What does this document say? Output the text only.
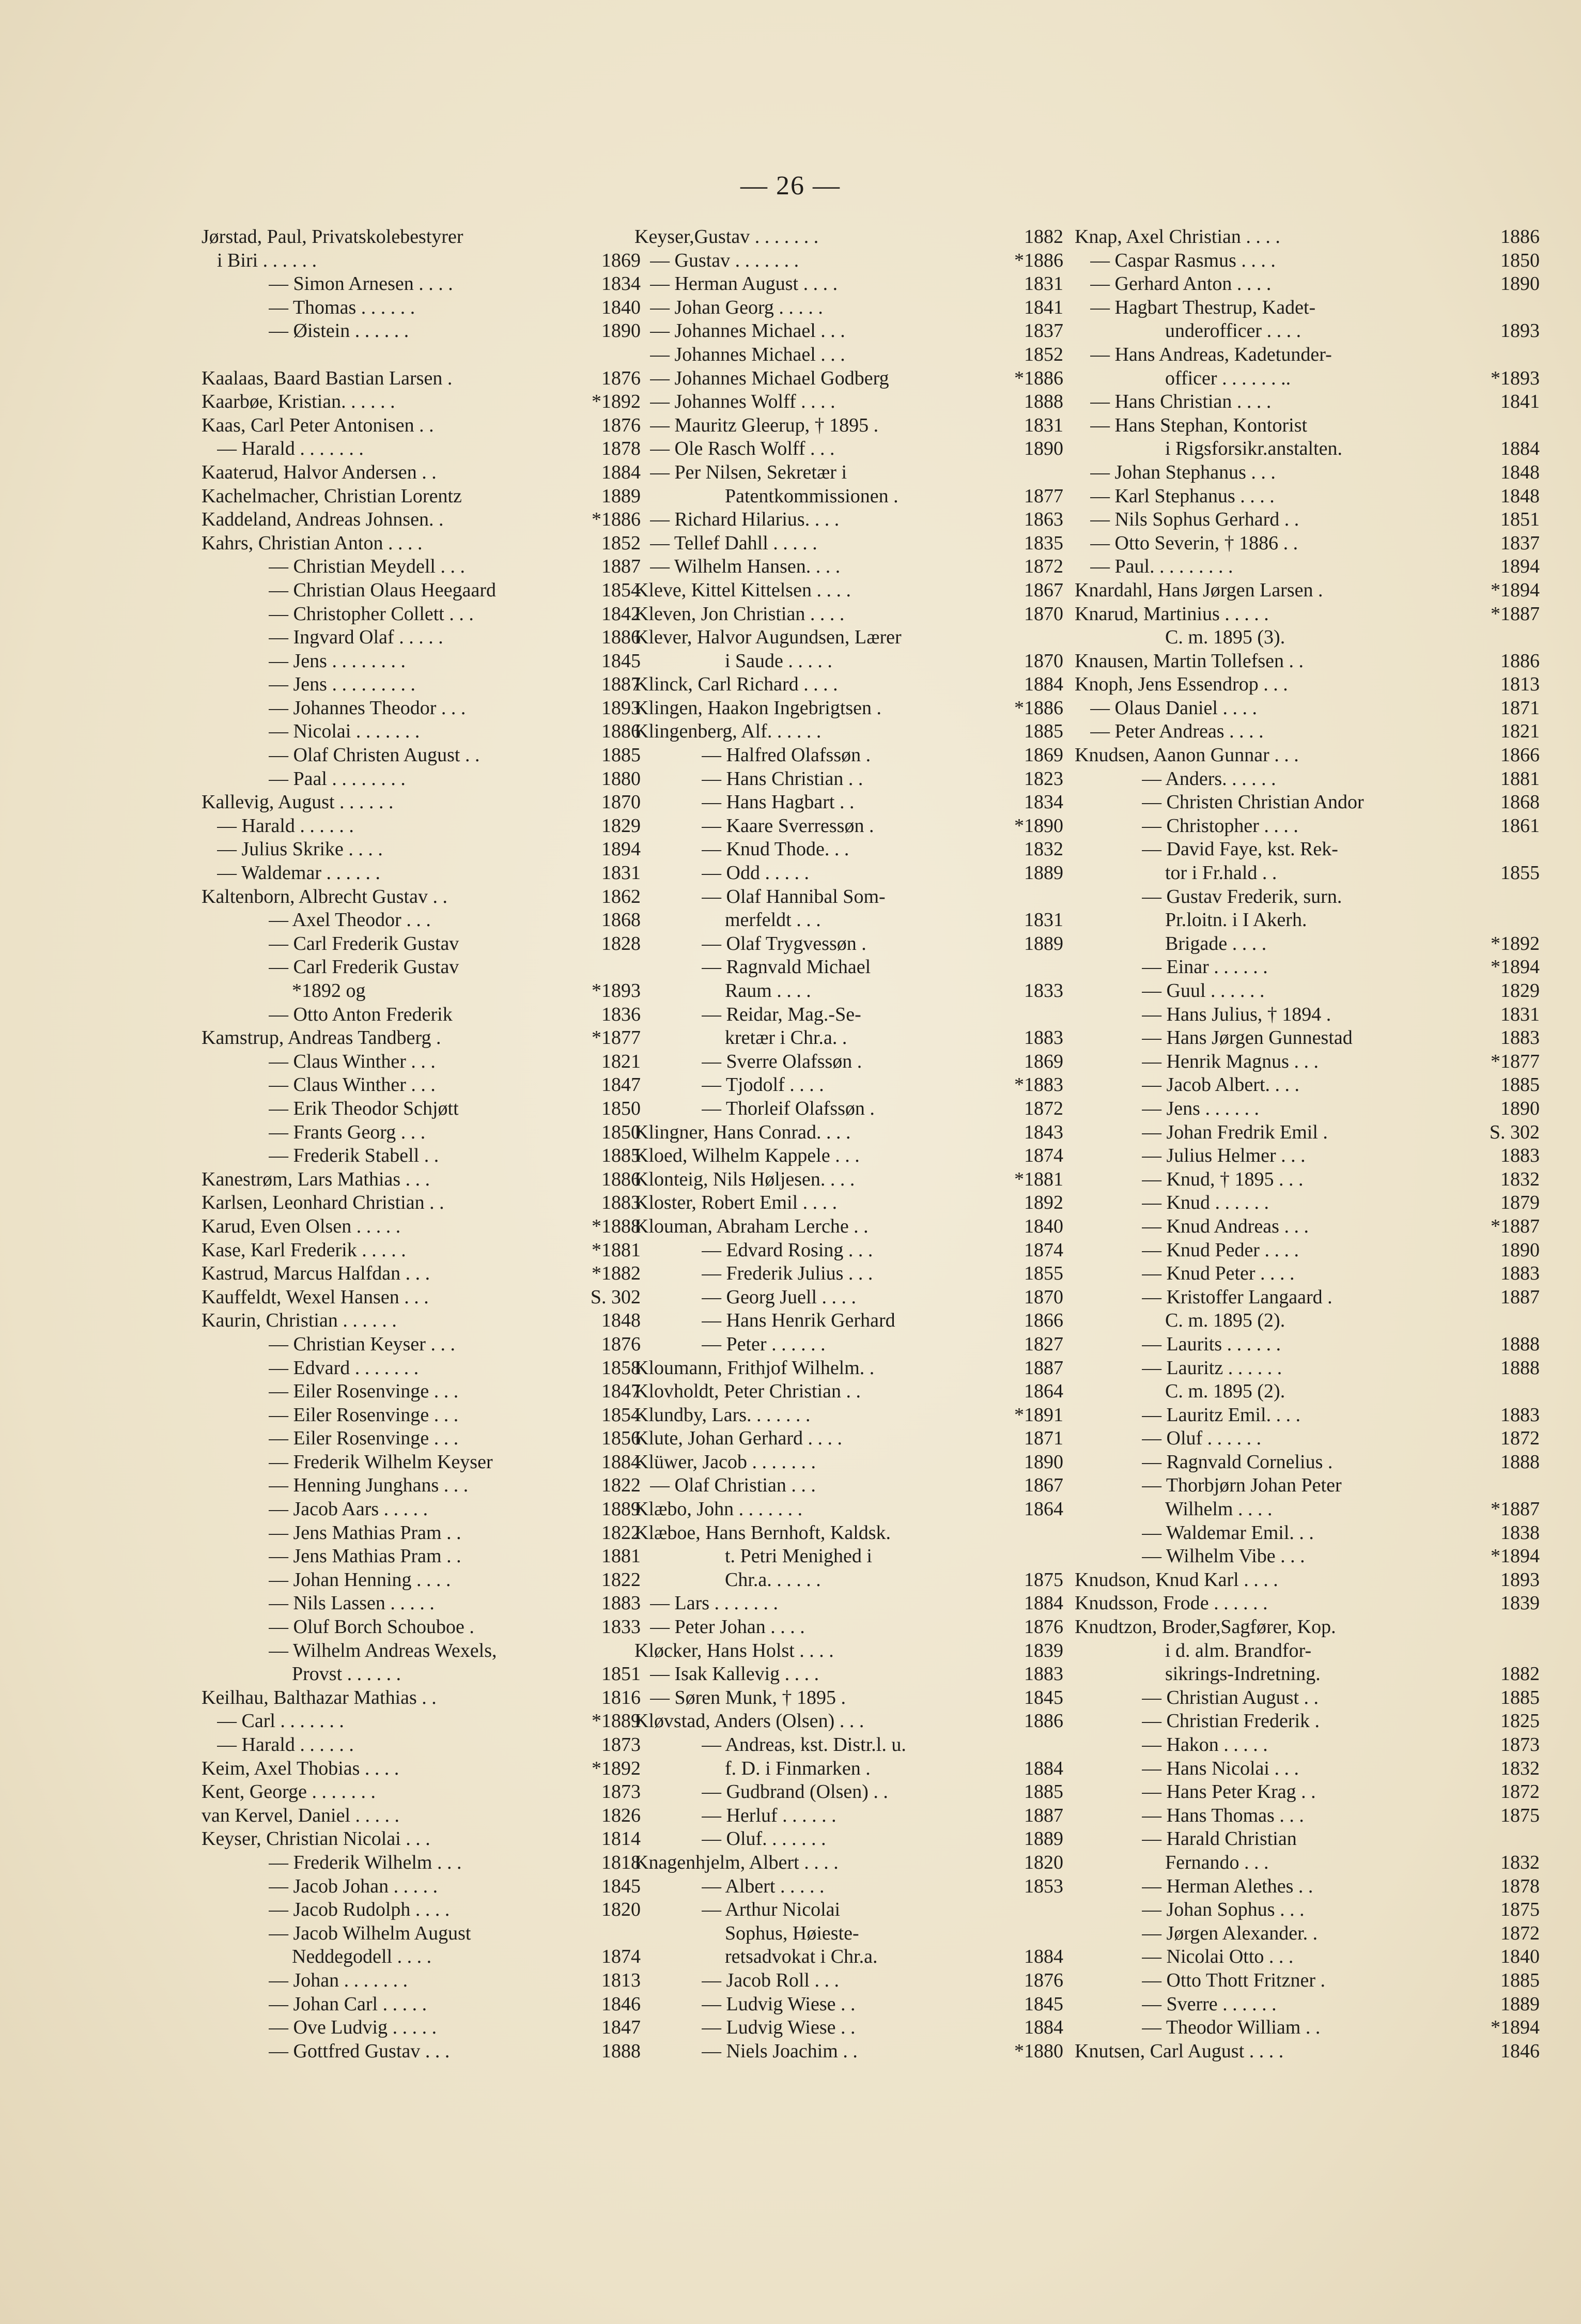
— 26 —
Jørstad, Paul, Privatskolebestyrer
i Biri . . . . . .	1869
— Simon Arnesen . . . .	1834
— Thomas . . . . . .	1840
— Øistein . . . . . .	1890
Kaalaas, Baard Bastian Larsen .	1876
Kaarbøe, Kristian. . . . . .	*1892
Kaas, Carl Peter Antonisen . .	1876
— Harald . . . . . . .	1878
Kaaterud, Halvor Andersen . .	1884
Kachelmacher, Christian Lorentz	1889
Kaddeland, Andreas Johnsen. .	*1886
Kahrs, Christian Anton . . . .	1852
— Christian Meydell . . .	1887
— Christian Olaus Heegaard	1854
— Christopher Collett . . .	1842
— Ingvard Olaf . . . . .	1886
— Jens . . . . . . . .	1845
— Jens . . . . . . . . .	1887
— Johannes Theodor . . .	1893
— Nicolai . . . . . . .	1886
— Olaf Christen August . .	1885
— Paal . . . . . . . .	1880
Kallevig, August . . . . . .	1870
— Harald . . . . . .	1829
— Julius Skrike . . . .	1894
— Waldemar . . . . . .	1831
Kaltenborn, Albrecht Gustav . .	1862
— Axel Theodor . . .	1868
— Carl Frederik Gustav	1828
— Carl Frederik Gustav
*1892 og	*1893
— Otto Anton Frederik	1836
Kamstrup, Andreas Tandberg .	*1877
— Claus Winther . . .	1821
— Claus Winther . . .	1847
— Erik Theodor Schjøtt	1850
— Frants Georg . . .	1850
— Frederik Stabell . .	1885
Kanestrøm, Lars Mathias . . .	1886
Karlsen, Leonhard Christian . .	1883
Karud, Even Olsen . . . . .	*1888
Kase, Karl Frederik . . . . .	*1881
Kastrud, Marcus Halfdan . . .	*1882
Kauffeldt, Wexel Hansen . . .	S. 302
Kaurin, Christian . . . . . .	1848
— Christian Keyser . . .	1876
— Edvard . . . . . . .	1858
— Eiler Rosenvinge . . .	1847
— Eiler Rosenvinge . . .	1854
— Eiler Rosenvinge . . .	1856
— Frederik Wilhelm Keyser	1884
— Henning Junghans . . .	1822
— Jacob Aars . . . . .	1889
— Jens Mathias Pram . .	1822
— Jens Mathias Pram . .	1881
— Johan Henning . . . .	1822
— Nils Lassen . . . . .	1883
— Oluf Borch Schouboe .	1833
— Wilhelm Andreas Wexels,
Provst . . . . . .	1851
Keilhau, Balthazar Mathias . .	1816
— Carl . . . . . . .	*1889
— Harald . . . . . .	1873
Keim, Axel Thobias . . . .	*1892
Kent, George . . . . . . .	1873
van Kervel, Daniel . . . . .	1826
Keyser, Christian Nicolai . . .	1814
— Frederik Wilhelm . . .	1818
— Jacob Johan . . . . .	1845
— Jacob Rudolph . . . .	1820
— Jacob Wilhelm August
Neddegodell . . . .	1874
— Johan . . . . . . .	1813
— Johan Carl . . . . .	1846
— Ove Ludvig . . . . .	1847
— Gottfred Gustav . . .	1888
Keyser,Gustav . . . . . . .	1882
— Gustav . . . . . . .	*1886
— Herman August . . . .	1831
— Johan Georg . . . . .	1841
— Johannes Michael . . .	1837
— Johannes Michael . . .	1852
— Johannes Michael Godberg	*1886
— Johannes Wolff . . . .	1888
— Mauritz Gleerup, † 1895 .	1831
— Ole Rasch Wolff . . .	1890
— Per Nilsen, Sekretær i
Patentkommissionen .	1877
— Richard Hilarius. . . .	1863
— Tellef Dahll . . . . .	1835
— Wilhelm Hansen. . . .	1872
Kleve, Kittel Kittelsen . . . .	1867
Kleven, Jon Christian . . . .	1870
Klever, Halvor Augundsen, Lærer
i Saude . . . . .	1870
Klinck, Carl Richard . . . .	1884
Klingen, Haakon Ingebrigtsen .	*1886
Klingenberg, Alf. . . . . .	1885
— Halfred Olafssøn .	1869
— Hans Christian . .	1823
— Hans Hagbart . .	1834
— Kaare Sverressøn .	*1890
— Knud Thode. . .	1832
— Odd . . . . .	1889
— Olaf Hannibal Som-
merfeldt . . .	1831
— Olaf Trygvessøn .	1889
— Ragnvald Michael
Raum . . . .	1833
— Reidar, Mag.-Se-
kretær i Chr.a. .	1883
— Sverre Olafssøn .	1869
— Tjodolf . . . .	*1883
— Thorleif Olafssøn .	1872
Klingner, Hans Conrad. . . .	1843
Kloed, Wilhelm Kappele . . .	1874
Klonteig, Nils Høljesen. . . .	*1881
Kloster, Robert Emil . . . .	1892
Klouman, Abraham Lerche . .	1840
— Edvard Rosing . . .	1874
— Frederik Julius . . .	1855
— Georg Juell . . . .	1870
— Hans Henrik Gerhard	1866
— Peter . . . . . .	1827
Kloumann, Frithjof Wilhelm. .	1887
Klovholdt, Peter Christian . .	1864
Klundby, Lars. . . . . . .	*1891
Klute, Johan Gerhard . . . .	1871
Klüwer, Jacob . . . . . . .	1890
— Olaf Christian . . .	1867
Klæbo, John . . . . . . .	1864
Klæboe, Hans Bernhoft, Kaldsk.
t. Petri Menighed i
Chr.a. . . . . .	1875
— Lars . . . . . . .	1884
— Peter Johan . . . .	1876
Kløcker, Hans Holst . . . .	1839
— Isak Kallevig . . . .	1883
— Søren Munk, † 1895 .	1845
Kløvstad, Anders (Olsen) . . .	1886
— Andreas, kst. Distr.l. u.
f. D. i Finmarken .	1884
— Gudbrand (Olsen) . .	1885
— Herluf . . . . . .	1887
— Oluf. . . . . . .	1889
Knagenhjelm, Albert . . . .	1820
— Albert . . . . .	1853
— Arthur Nicolai
Sophus, Høieste-
retsadvokat i Chr.a.	1884
— Jacob Roll . . .	1876
— Ludvig Wiese . .	1845
— Ludvig Wiese . .	1884
— Niels Joachim . .	*1880
Knap, Axel Christian . . . .	1886
— Caspar Rasmus . . . .	1850
— Gerhard Anton . . . .	1890
— Hagbart Thestrup, Kadet-
underofficer . . . .	1893
— Hans Andreas, Kadetunder-
officer . . . . . . ..	*1893
— Hans Christian . . . .	1841
— Hans Stephan, Kontorist
i Rigsforsikr.anstalten.	1884
— Johan Stephanus . . .	1848
— Karl Stephanus . . . .	1848
— Nils Sophus Gerhard . .	1851
— Otto Severin, † 1886 . .	1837
— Paul. . . . . . . . .	1894
Knardahl, Hans Jørgen Larsen .	*1894
Knarud, Martinius . . . . .	*1887
C. m. 1895 (3).
Knausen, Martin Tollefsen . .	1886
Knoph, Jens Essendrop . . .	1813
— Olaus Daniel . . . .	1871
— Peter Andreas . . . .	1821
Knudsen, Aanon Gunnar . . .	1866
— Anders. . . . . .	1881
— Christen Christian Andor	1868
— Christopher . . . .	1861
— David Faye, kst. Rek-
tor i Fr.hald . .	1855
— Gustav Frederik, surn.
Pr.loitn. i I Akerh.
Brigade . . . .	*1892
— Einar . . . . . .	*1894
— Guul . . . . . .	1829
— Hans Julius, † 1894 .	1831
— Hans Jørgen Gunnestad	1883
— Henrik Magnus . . .	*1877
— Jacob Albert. . . .	1885
— Jens . . . . . .	1890
— Johan Fredrik Emil .	S. 302
— Julius Helmer . . .	1883
— Knud, † 1895 . . .	1832
— Knud . . . . . .	1879
— Knud Andreas . . .	*1887
— Knud Peder . . . .	1890
— Knud Peter . . . .	1883
— Kristoffer Langaard .	1887
C. m. 1895 (2).
— Laurits . . . . . .	1888
— Lauritz . . . . . .	1888
C. m. 1895 (2).
— Lauritz Emil. . . .	1883
— Oluf . . . . . .	1872
— Ragnvald Cornelius .	1888
— Thorbjørn Johan Peter
Wilhelm . . . .	*1887
— Waldemar Emil. . .	1838
— Wilhelm Vibe . . .	*1894
Knudson, Knud Karl . . . .	1893
Knudsson, Frode . . . . . .	1839
Knudtzon, Broder,Sagfører, Kop.
i d. alm. Brandfor-
sikrings-Indretning.	1882
— Christian August . .	1885
— Christian Frederik .	1825
— Hakon . . . . .	1873
— Hans Nicolai . . .	1832
— Hans Peter Krag . .	1872
— Hans Thomas . . .	1875
— Harald Christian
Fernando . . .	1832
— Herman Alethes . .	1878
— Johan Sophus . . .	1875
— Jørgen Alexander. .	1872
— Nicolai Otto . . .	1840
— Otto Thott Fritzner .	1885
— Sverre . . . . . .	1889
— Theodor William . .	*1894
Knutsen, Carl August . . . .	1846
